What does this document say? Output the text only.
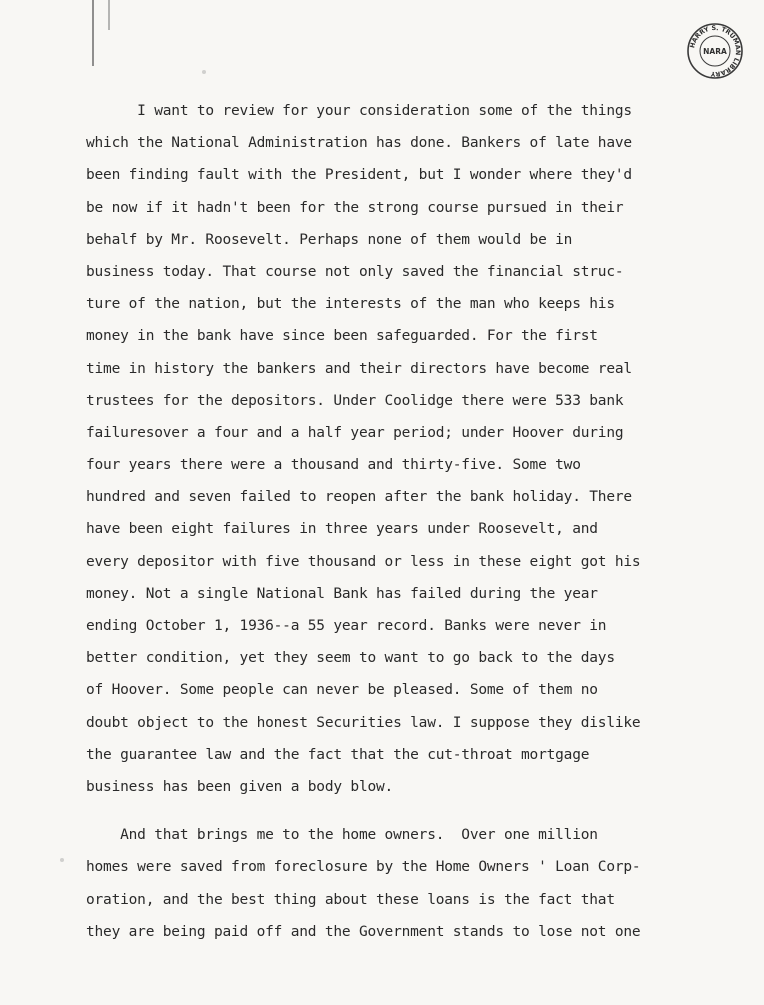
HARRY S. TRUMAN LIBRARY
NARA
I want to review for your consideration some of the things
which the National Administration has done. Bankers of late have
been finding fault with the President, but I wonder where they'd
be now if it hadn't been for the strong course pursued in their
behalf by Mr. Roosevelt. Perhaps none of them would be in
business today. That course not only saved the financial struc-
ture of the nation, but the interests of the man who keeps his
money in the bank have since been safeguarded. For the first
time in history the bankers and their directors have become real
trustees for the depositors. Under Coolidge there were 533 bank
failuresover a four and a half year period; under Hoover during
four years there were a thousand and thirty-five. Some two
hundred and seven failed to reopen after the bank holiday. There
have been eight failures in three years under Roosevelt, and
every depositor with five thousand or less in these eight got his
money. Not a single National Bank has failed during the year
ending October 1, 1936--a 55 year record. Banks were never in
better condition, yet they seem to want to go back to the days
of Hoover. Some people can never be pleased. Some of them no
doubt object to the honest Securities law. I suppose they dislike
the guarantee law and the fact that the cut-throat mortgage
business has been given a body blow.
And that brings me to the home owners.  Over one million
homes were saved from foreclosure by the Home Owners ' Loan Corp-
oration, and the best thing about these loans is the fact that
they are being paid off and the Government stands to lose not one
